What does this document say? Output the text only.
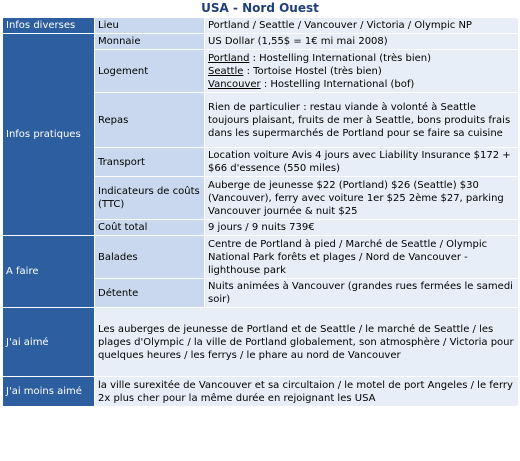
USA - Nord Ouest
Infos diverses	Lieu	Portland / Seattle / Vancouver / Victoria / Olympic NP
Infos pratiques	Monnaie	US Dollar (1,55$ = 1€ mi mai 2008)
	Logement	Portland : Hostelling International (très bien)
Seattle : Tortoise Hostel (très bien)
Vancouver : Hostelling International (bof)

	Repas	Rien de particulier : restau viande à volonté à Seattle toujours plaisant, fruits de mer à Seattle, bons produits frais dans les supermarchés de Portland pour se faire sa cuisine
	Transport	Location voiture Avis 4 jours avec Liability Insurance $172 + $66 d'essence (550 miles)
	Indicateurs de coûts (TTC)	Auberge de jeunesse $22 (Portland) $26 (Seattle) $30 (Vancouver), ferry avec voiture 1er $25 2ème $27, parking Vancouver journée & nuit $25
	Coût total	9 jours / 9 nuits 739€
A faire	Balades	Centre de Portland à pied / Marché de Seattle / Olympic National Park forêts et plages / Nord de Vancouver - lighthouse park
	Détente	Nuits animées à Vancouver (grandes rues fermées le samedi soir)
J'ai aimé	Les auberges de jeunesse de Portland et de Seattle / le marché de Seattle / les plages d'Olympic / la ville de Portland globalement, son atmosphère / Victoria pour quelques heures / les ferrys / le phare au nord de Vancouver	
J'ai moins aimé	la ville surexitée de Vancouver et sa circultaion / le motel de port Angeles / le ferry 2x plus cher pour la même durée en rejoignant les USA	
